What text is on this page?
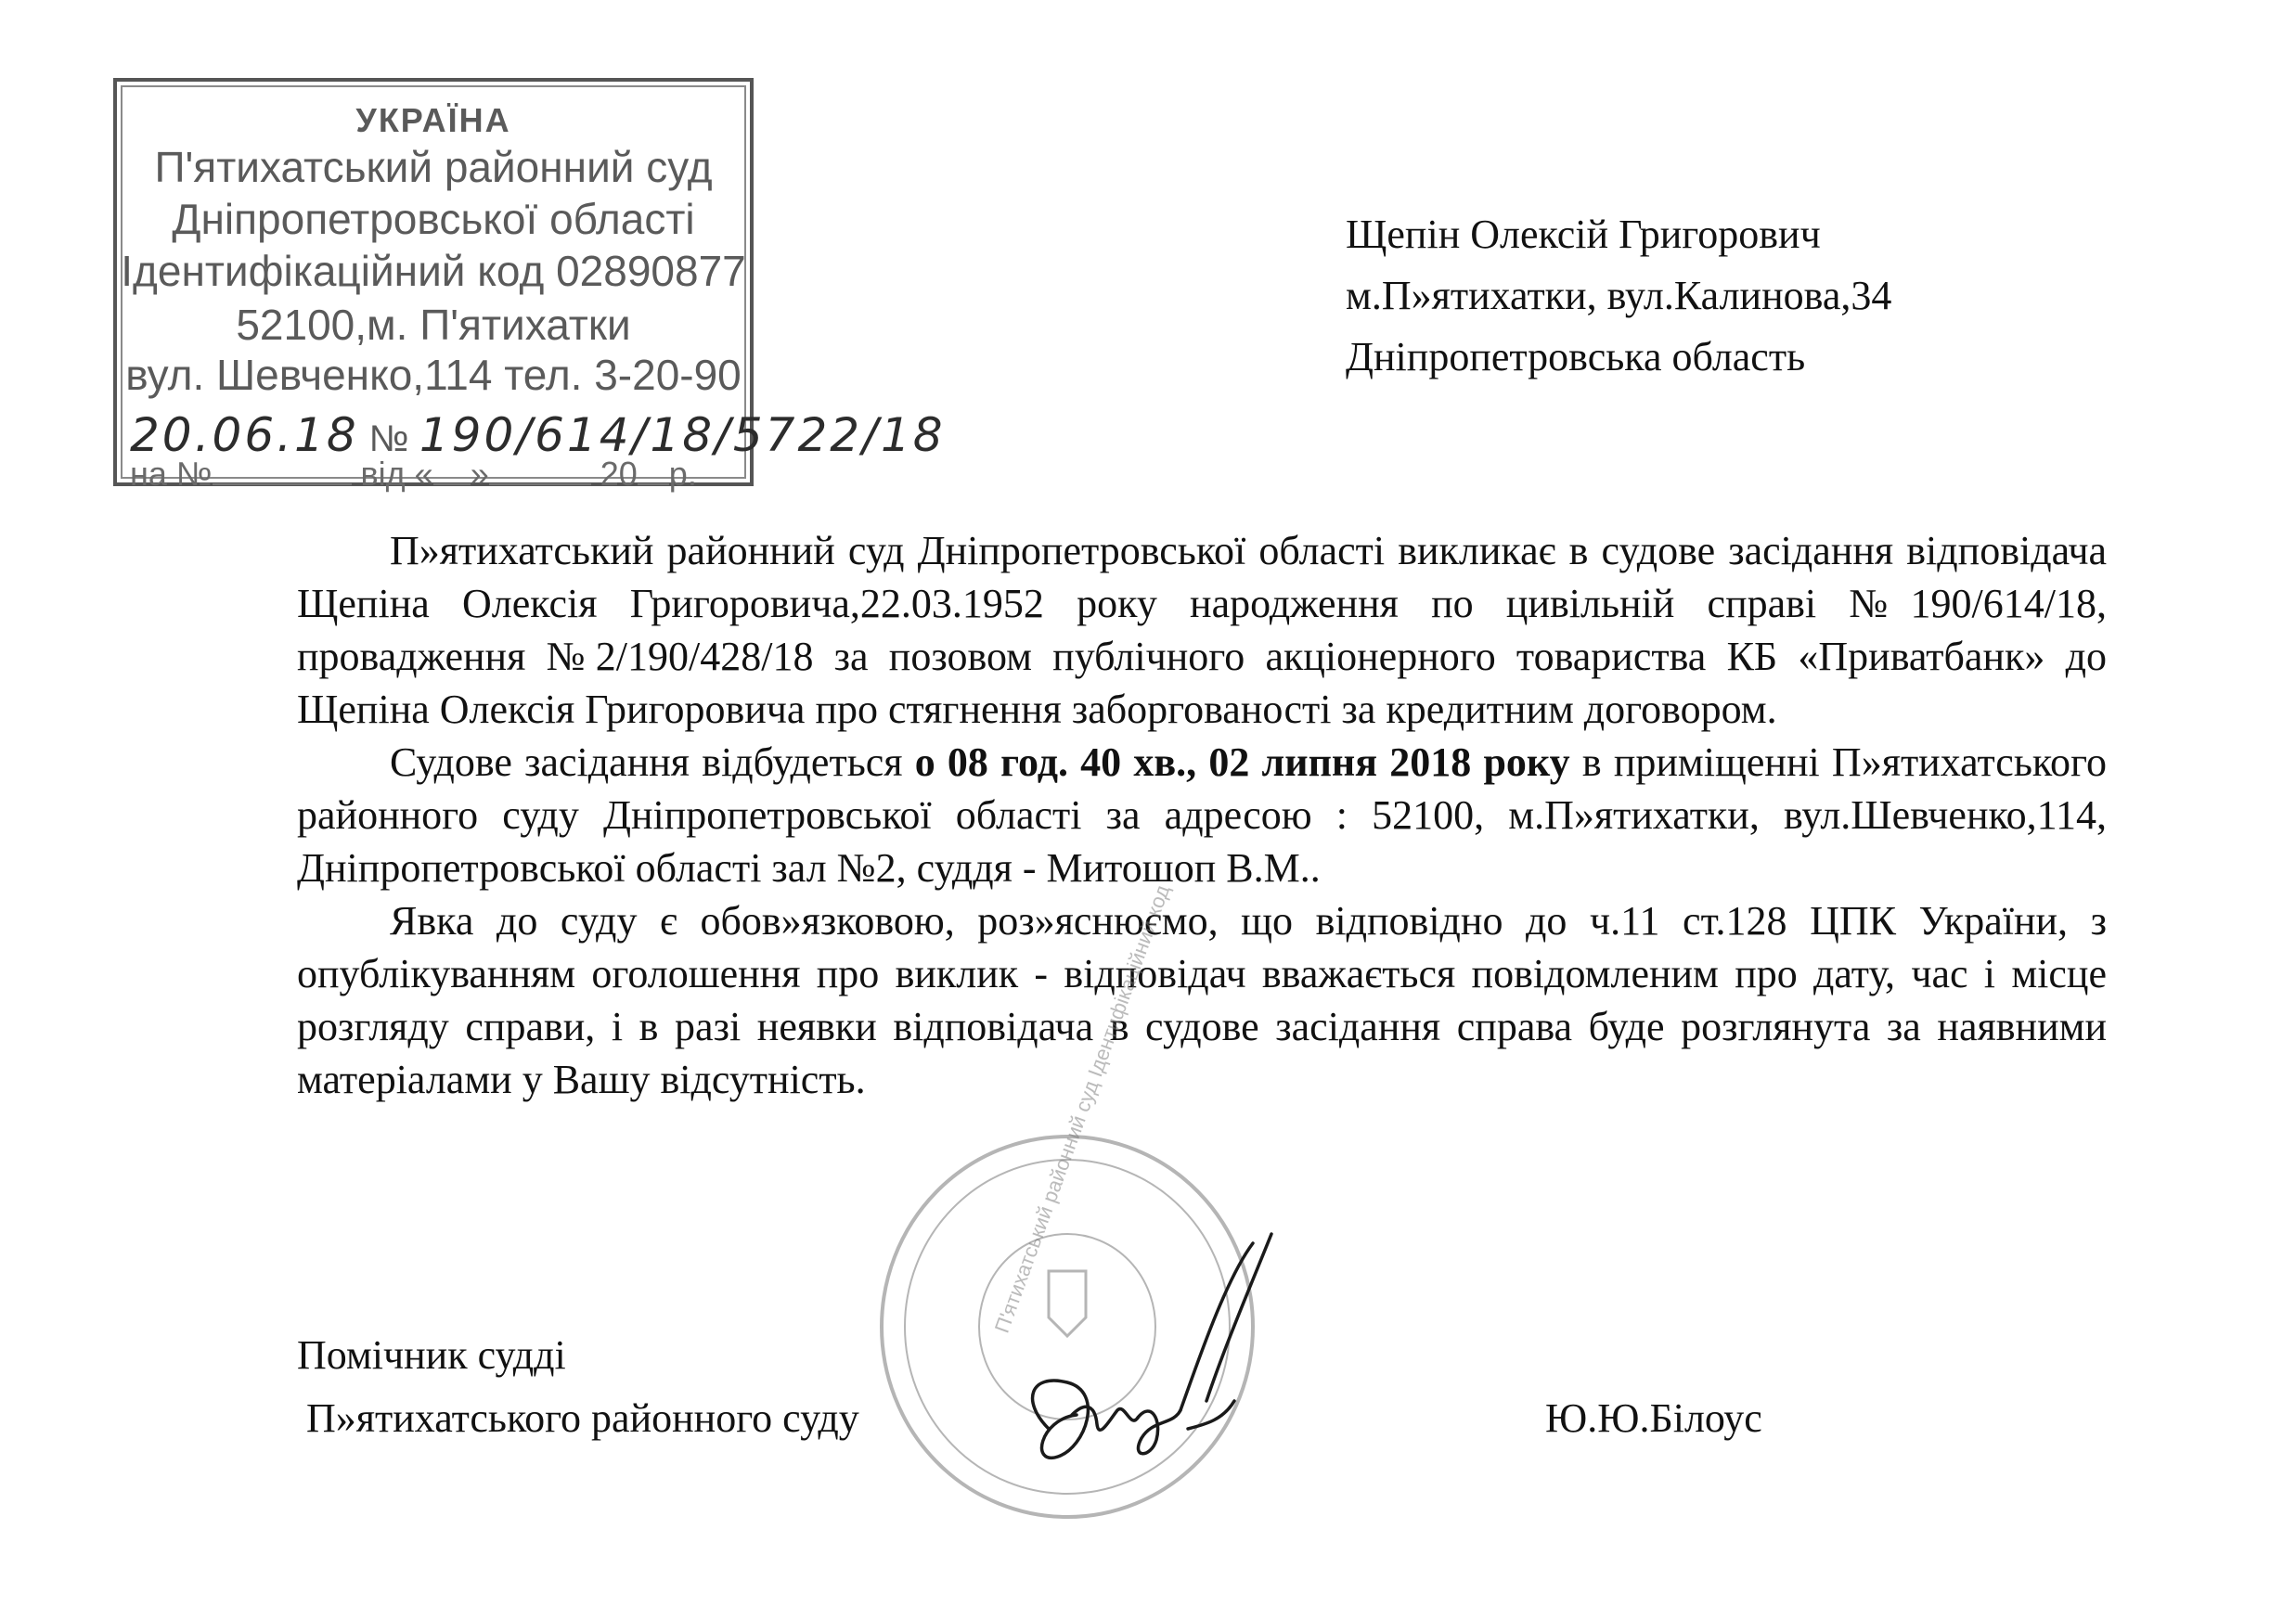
УКРАЇНА
П'ятихатський районний суд
Дніпропетровської області
Ідентифікаційний код 02890877
52100,м. П'ятихатки
вул. Шевченко,114 тел. 3-20-90
20.06.18 № 190/614/18/5722/18
на №	від « »	20 р.
Щепін Олексій Григорович
м.П»ятихатки, вул.Калинова,34
Дніпропетровська область

П»ятихатський районний суд Дніпропетровської області викликає в судове засідання відповідача Щепіна Олексія Григоровича,22.03.1952 року народження по цивільній справі №190/614/18, провадження №2/190/428/18 за позовом публічного акціонерного товариства КБ «Приватбанк» до Щепіна Олексія Григоровича про стягнення заборгованості за кредитним договором.

Судове засідання відбудеться о 08 год. 40 хв., 02 липня 2018 року в приміщенні П»ятихатського районного суду Дніпропетровської області за адресою : 52100, м.П»ятихатки, вул.Шевченко,114, Дніпропетровської області зал №2, суддя - Митошоп В.М..

Явка до суду є обов»язковою, роз»яснюємо, що відповідно до ч.11 ст.128 ЦПК України, з опублікуванням оголошення про виклик - відповідач вважається повідомленим про дату, час і місце розгляду справи, і в разі неявки відповідача в судове засідання справа буде розглянута за наявними матеріалами у Вашу відсутність.	П'ятихатський районний суд Ідентифікаційний код
Помічник судді
П»ятихатського районного суду	Ю.Ю.Білоус
